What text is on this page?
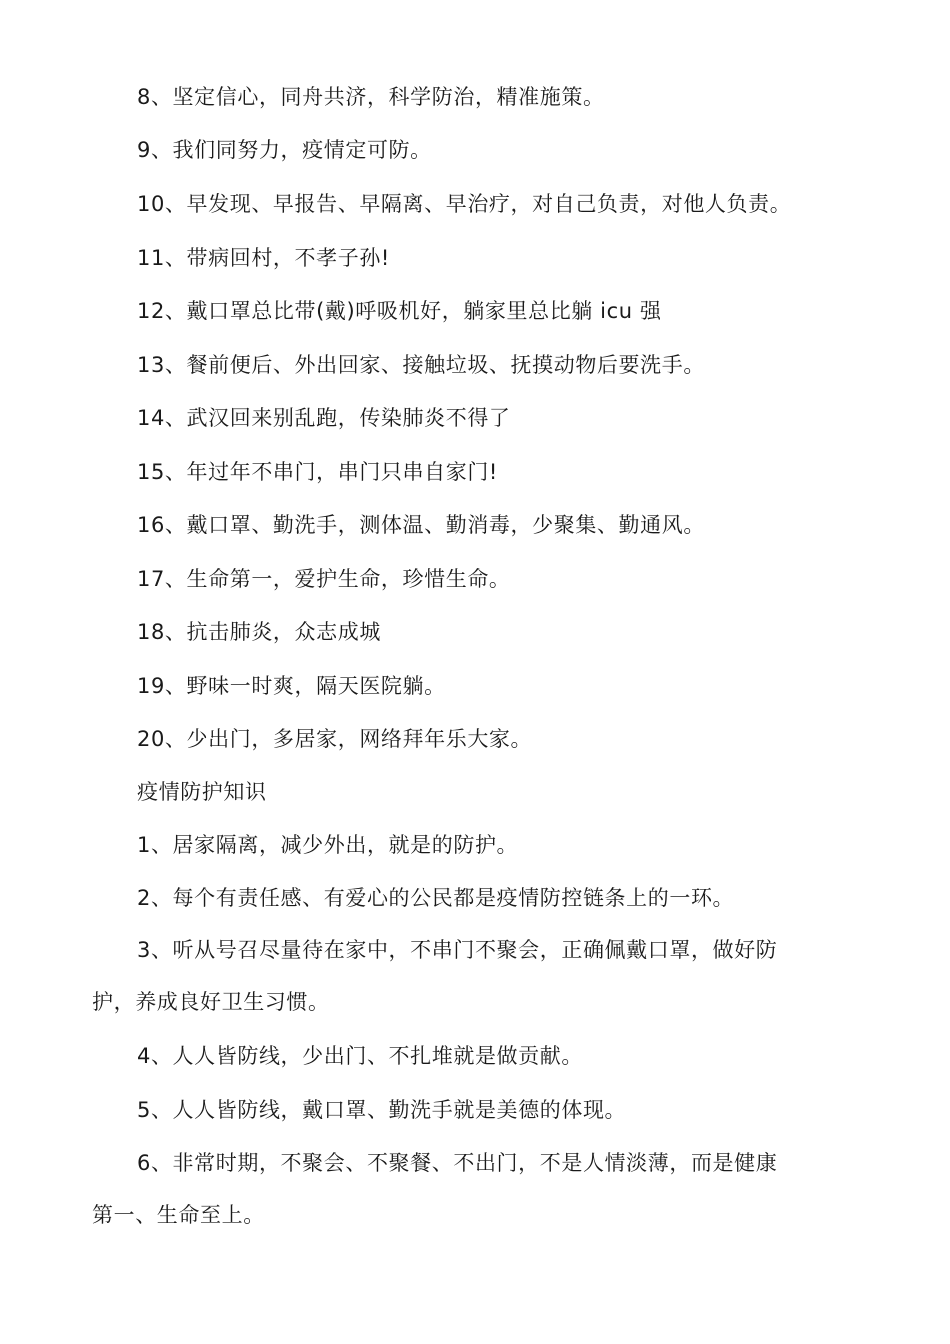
8、坚定信心，同舟共济，科学防治，精准施策。
9、我们同努力，疫情定可防。
10、早发现、早报告、早隔离、早治疗，对自己负责，对他人负责。
11、带病回村，不孝子孙!
12、戴口罩总比带(戴)呼吸机好，躺家里总比躺 icu 强
13、餐前便后、外出回家、接触垃圾、抚摸动物后要洗手。
14、武汉回来别乱跑，传染肺炎不得了
15、年过年不串门，串门只串自家门!
16、戴口罩、勤洗手，测体温、勤消毒，少聚集、勤通风。
17、生命第一，爱护生命，珍惜生命。
18、抗击肺炎，众志成城
19、野味一时爽，隔天医院躺。
20、少出门，多居家，网络拜年乐大家。
疫情防护知识
1、居家隔离，减少外出，就是的防护。
2、每个有责任感、有爱心的公民都是疫情防控链条上的一环。
3、听从号召尽量待在家中，不串门不聚会，正确佩戴口罩，做好防
护，养成良好卫生习惯。
4、人人皆防线，少出门、不扎堆就是做贡献。
5、人人皆防线，戴口罩、勤洗手就是美德的体现。
6、非常时期，不聚会、不聚餐、不出门，不是人情淡薄，而是健康
第一、生命至上。
